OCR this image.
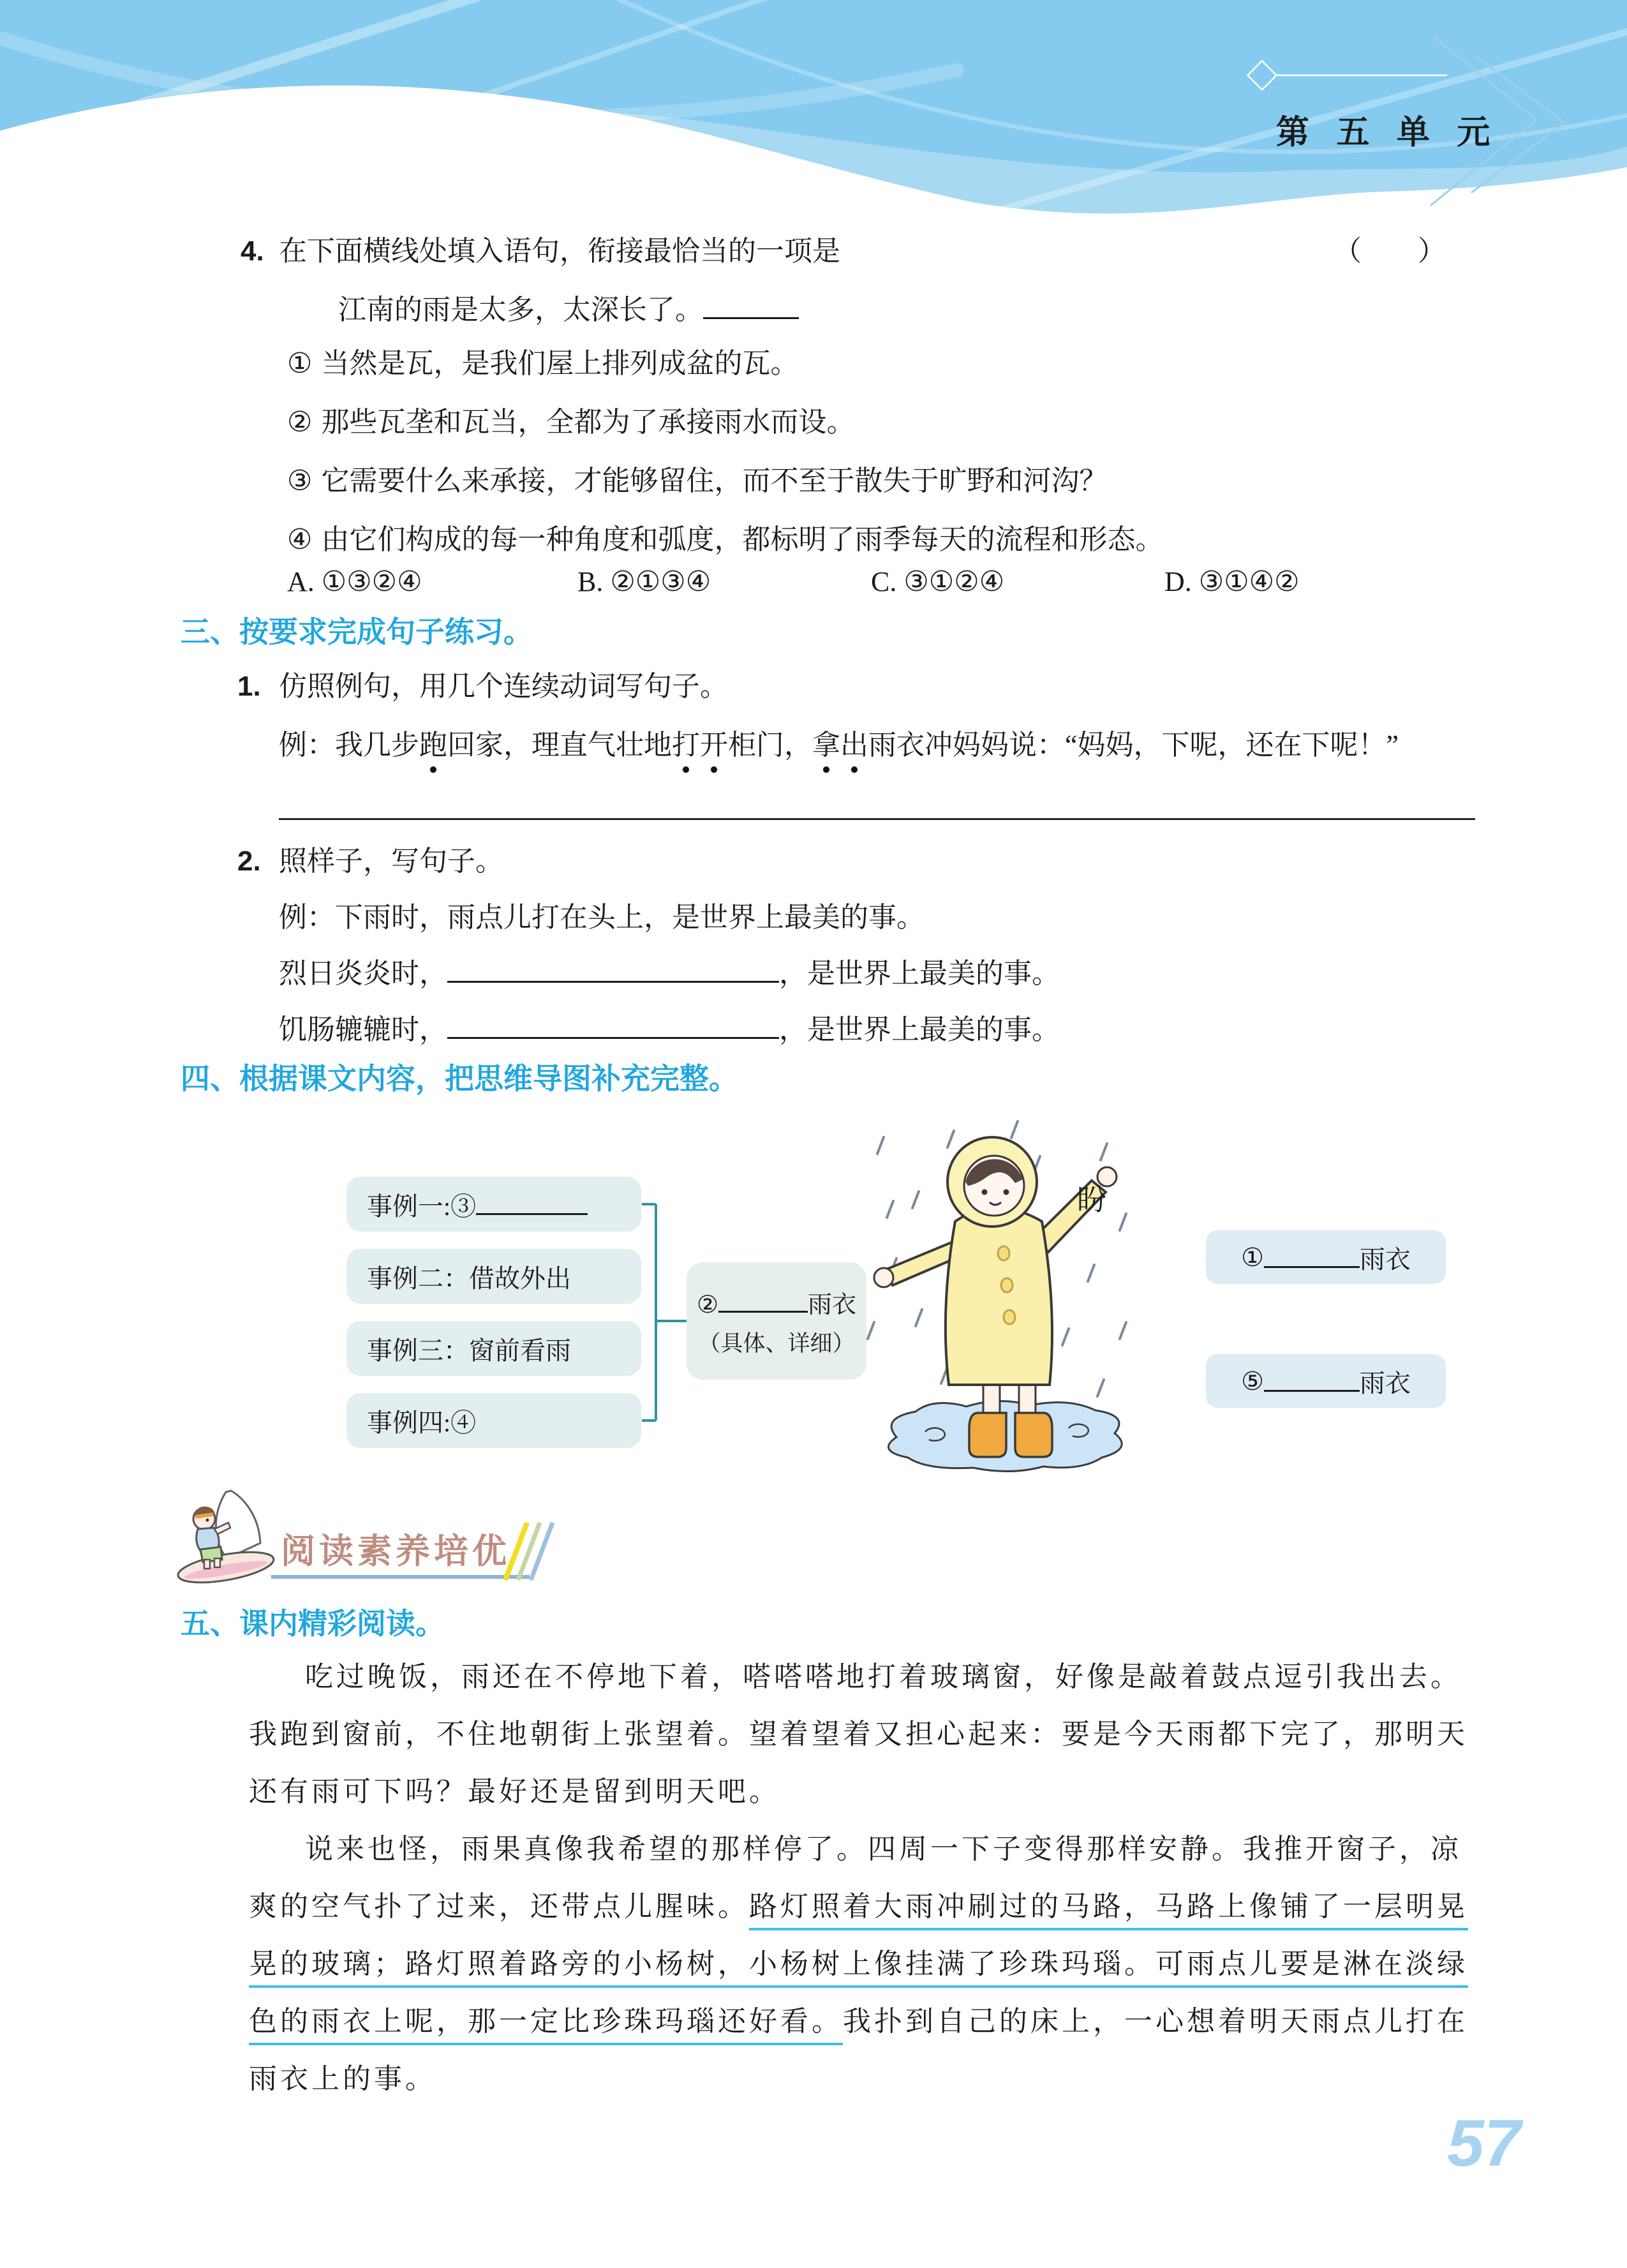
第 五 单 元
4. 在下面横线处填入语句，衔接最恰当的一项是	（　　）
江南的雨是太多，太深长了。
① 当然是瓦，是我们屋上排列成盆的瓦。
② 那些瓦垄和瓦当，全都为了承接雨水而设。
③ 它需要什么来承接，才能够留住，而不至于散失于旷野和河沟？
④ 由它们构成的每一种角度和弧度，都标明了雨季每天的流程和形态。
A. ①③②④	B. ②①③④	C. ③①②④	D. ③①④②
三、按要求完成句子练习。
1. 仿照例句，用几个连续动词写句子。
例：我几步跑回家，理直气壮地打开柜门，拿出雨衣冲妈妈说：“妈妈，下呢，还在下呢！”
2. 照样子，写句子。
例：下雨时，雨点儿打在头上，是世界上最美的事。
烈日炎炎时，	，是世界上最美的事。
饥肠辘辘时，	，是世界上最美的事。
四、根据课文内容，把思维导图补充完整。
事例一:③
事例二：借故外出
事例三：窗前看雨
事例四:④
②	雨衣
（具体、详细）
盼
①	雨衣
⑤	雨衣
阅读素养培优
五、课内精彩阅读。
吃过晚饭，雨还在不停地下着，嗒嗒嗒地打着玻璃窗，好像是敲着鼓点逗引我出去。
我跑到窗前，不住地朝街上张望着。望着望着又担心起来：要是今天雨都下完了，那明天
还有雨可下吗？最好还是留到明天吧。
说来也怪，雨果真像我希望的那样停了。四周一下子变得那样安静。我推开窗子，凉
爽的空气扑了过来，还带点儿腥味。路灯照着大雨冲刷过的马路，马路上像铺了一层明晃
晃的玻璃；路灯照着路旁的小杨树，小杨树上像挂满了珍珠玛瑙。可雨点儿要是淋在淡绿
色的雨衣上呢，那一定比珍珠玛瑙还好看。我扑到自己的床上，一心想着明天雨点儿打在
雨衣上的事。
57
